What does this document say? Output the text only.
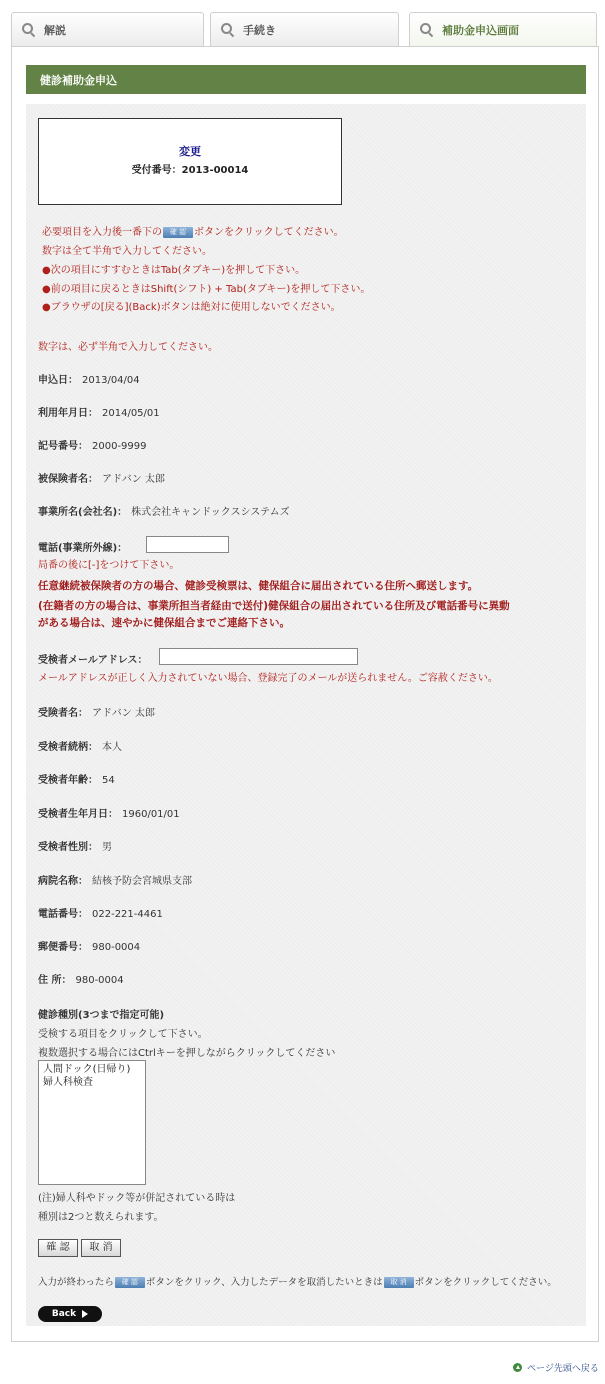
解説	手続き	補助金申込画面
健診補助金申込
変更
受付番号：2013-00014
必要項目を入力後一番下の 確 認 ボタンをクリックしてください。
数字は全て半角で入力してください。
●次の項目にすすむときはTab(タブキー)を押して下さい。
●前の項目に戻るときはShift(シフト) + Tab(タブキー)を押して下さい。
●ブラウザの[戻る](Back)ボタンは絶対に使用しないでください。
数字は、必ず半角で入力してください。
申込日： 2013/04/04
利用年月日： 2014/05/01
記号番号： 2000-9999
被保険者名： アドバン 太郎
事業所名(会社名)： 株式会社キャンドックスシステムズ
電話(事業所外線)：
局番の後に[-]をつけて下さい。
任意継続被保険者の方の場合、健診受検票は、健保組合に届出されている住所へ郵送します。
(在籍者の方の場合は、事業所担当者経由で送付)健保組合の届出されている住所及び電話番号に異動
がある場合は、速やかに健保組合までご連絡下さい。
受検者メールアドレス：
メールアドレスが正しく入力されていない場合、登録完了のメールが送られません。ご容赦ください。
受険者名： アドバン 太郎
受検者続柄： 本人
受検者年齢： 54
受検者生年月日： 1960/01/01
受検者性別： 男
病院名称： 結核予防会宮城県支部
電話番号： 022-221-4461
郵便番号： 980-0004
住 所： 980-0004
健診種別(3つまで指定可能)
受検する項目をクリックして下さい。
複数選択する場合にはCtrlキーを押しながらクリックしてください
人間ドック(日帰り)
婦人科検査
(注)婦人科やドック等が併記されている時は
種別は2つと数えられます。
確 認	取 消
入力が終わったら 確 認 ボタンをクリック、入力したデータを取消したいときは 取 消 ボタンをクリックしてください。
Back
ページ先頭へ戻る
